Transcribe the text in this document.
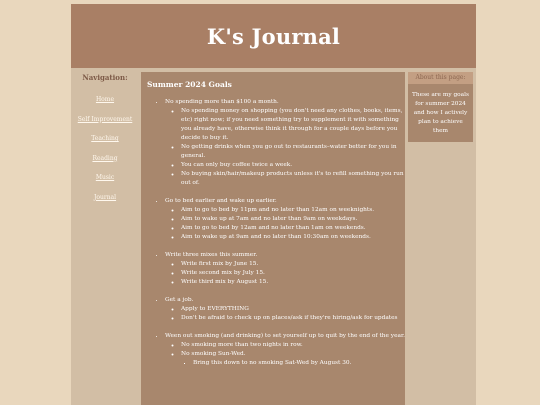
K's Journal
Navigation:
Home
Self Improvement
Teaching
Reading
Music
Journal
Summer 2024 Goals
• No spending more than $100 a month.
◦ No spending money on shopping (you don't need any clothes, books, items, etc) right now; if you need something try to supplement it with something you already have, otherwise think it through for a couple days before you decide to buy it.
◦ No getting drinks when you go out to restaurants–water better for you in general.
◦ You can only buy coffee twice a week.
◦ No buying skin/hair/makeup products unless it's to refill something you run out of.
• Go to bed earlier and wake up earlier.
◦ Aim to go to bed by 11pm and no later than 12am on weeknights.
◦ Aim to wake up at 7am and no later than 9am on weekdays.
◦ Aim to go to bed by 12am and no later than 1am on weekends.
◦ Aim to wake up at 9am and no later than 10:30am on weekends.
• Write three mixes this summer.
◦ Write first mix by June 15.
◦ Write second mix by July 15.
◦ Write third mix by August 15.
• Get a job.
◦ Apply to EVERYTHING
◦ Don't be afraid to check up on places/ask if they're hiring/ask for updates
• Ween out smoking (and drinking) to set yourself up to quit by the end of the year.
◦ No smoking more than two nights in row.
◦ No smoking Sun-Wed.
▪ Bring this down to no smoking Sat-Wed by August 30.
About this page:
These are my goals for summer 2024 and how I actively plan to achieve them
